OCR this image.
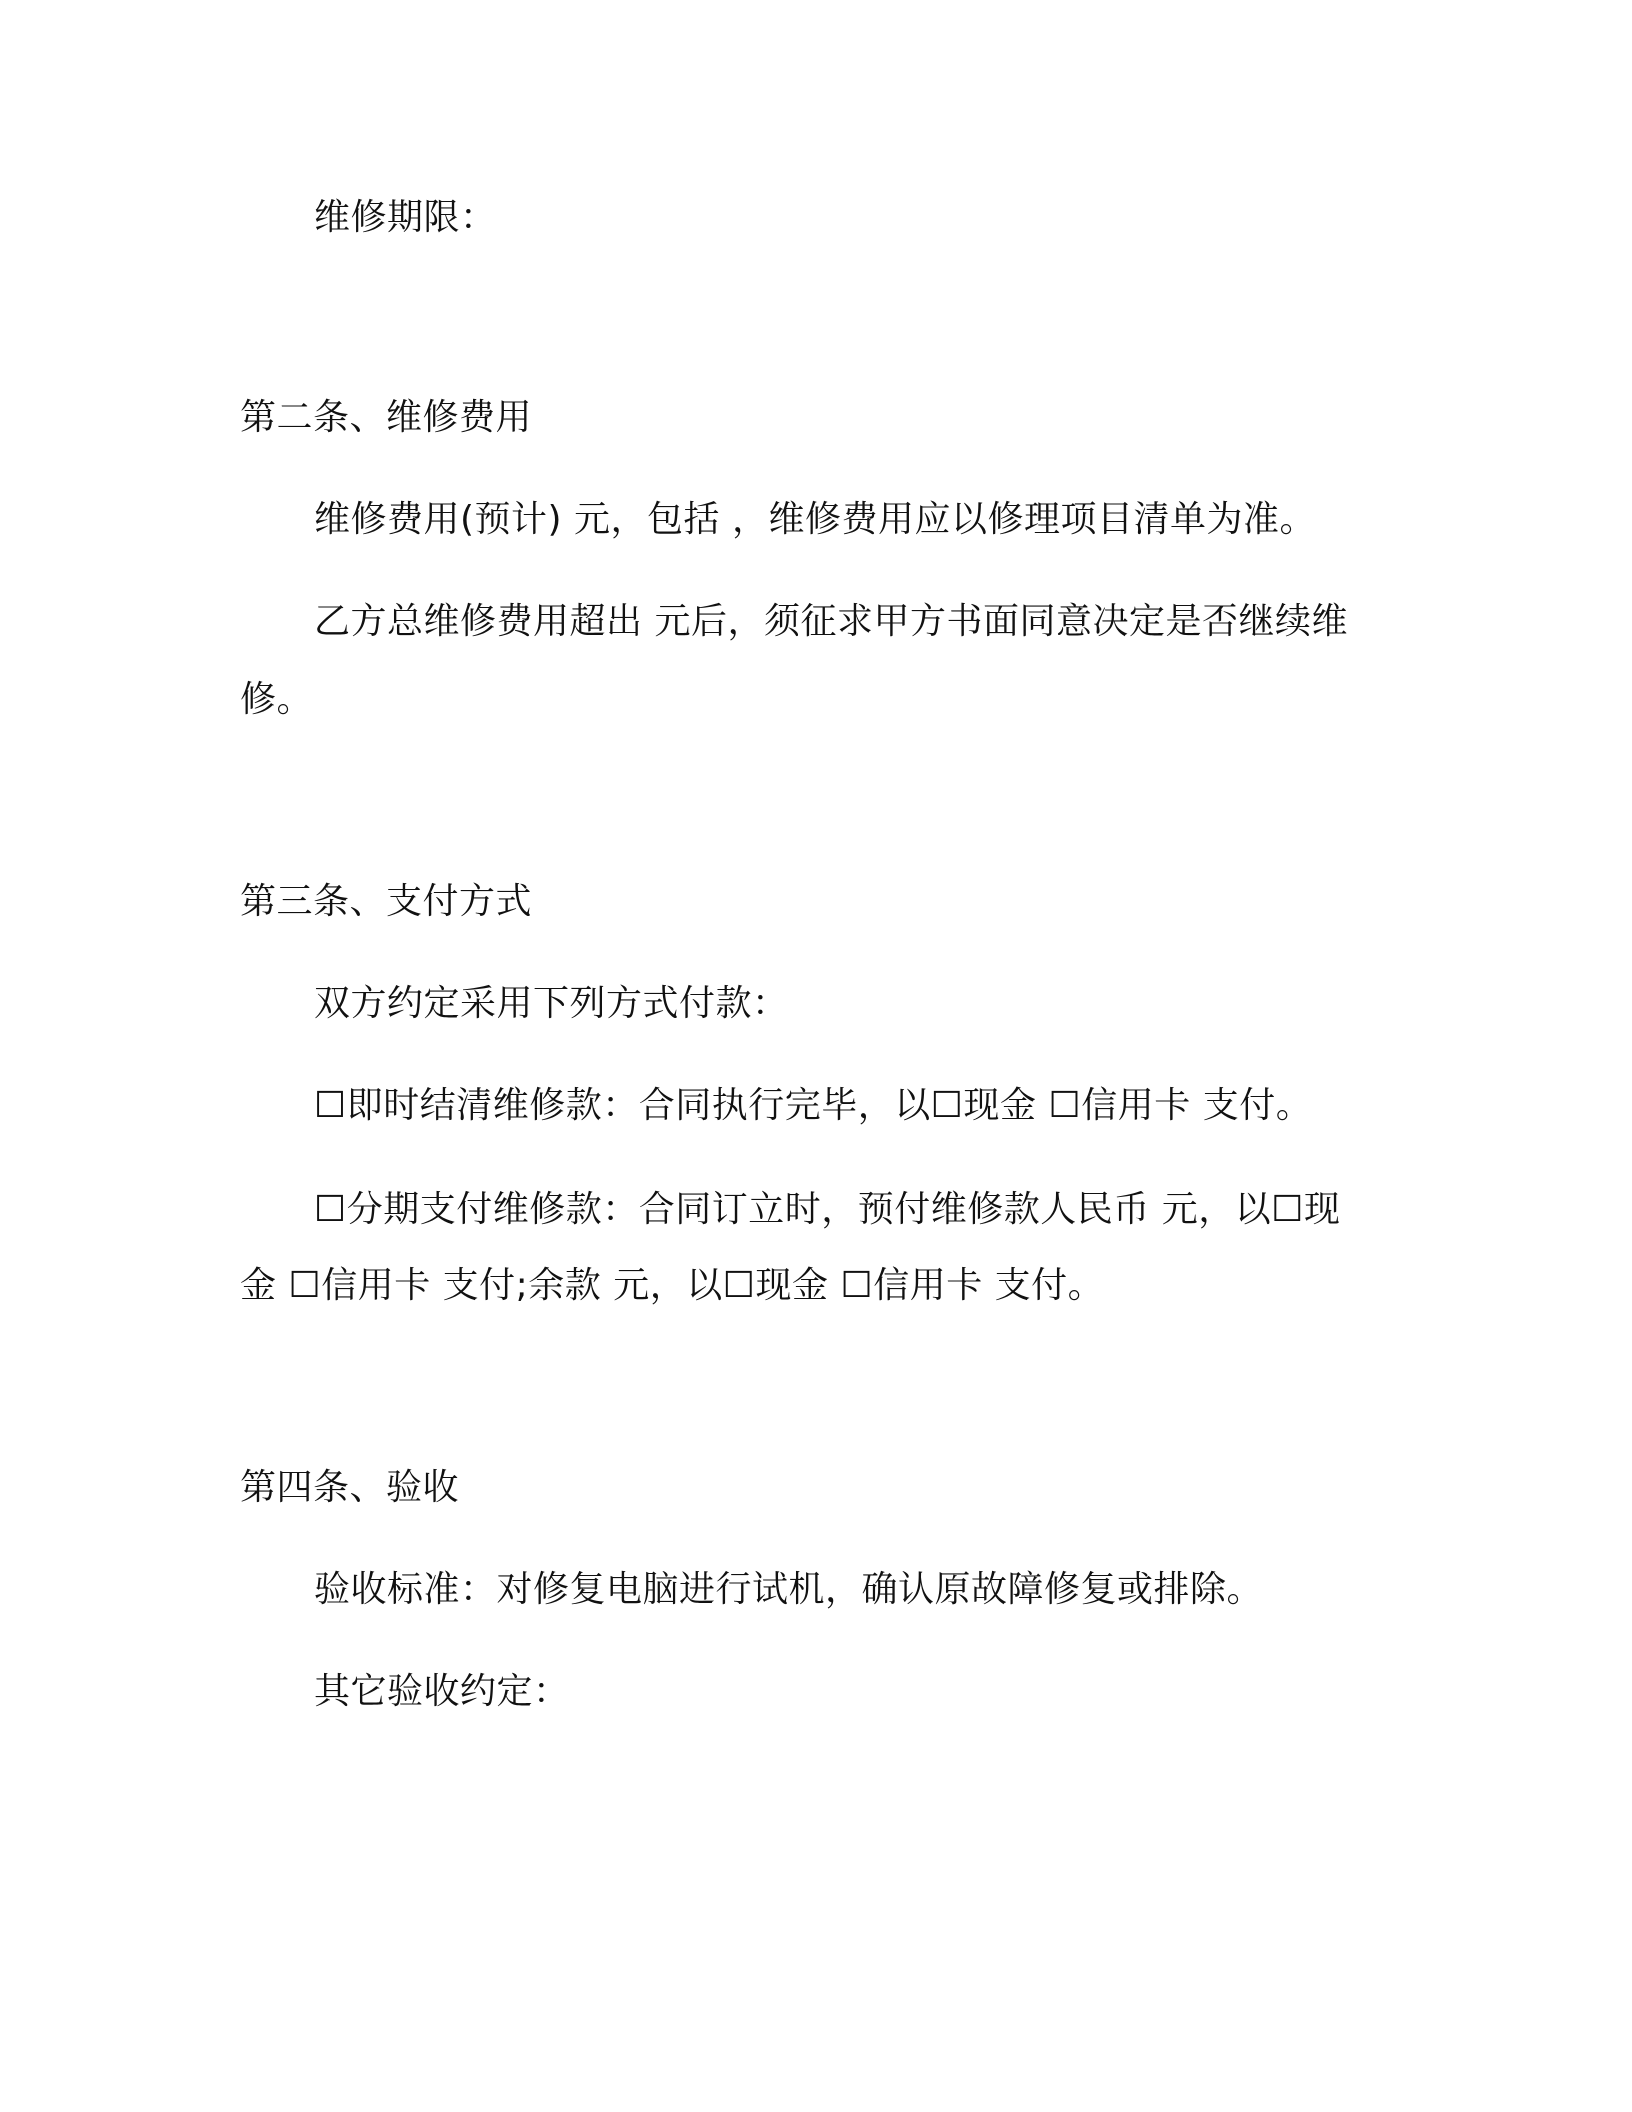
维修期限：
第二条、维修费用
维修费用(预计) 元，包括 ，维修费用应以修理项目清单为准。
乙方总维修费用超出 元后，须征求甲方书面同意决定是否继续维
修。
第三条、支付方式
双方约定采用下列方式付款：
☐即时结清维修款：合同执行完毕，以☐现金 ☐信用卡 支付。
☐分期支付维修款：合同订立时，预付维修款人民币 元，以☐现
金 ☐信用卡 支付;余款 元，以☐现金 ☐信用卡 支付。
第四条、验收
验收标准：对修复电脑进行试机，确认原故障修复或排除。
其它验收约定：
